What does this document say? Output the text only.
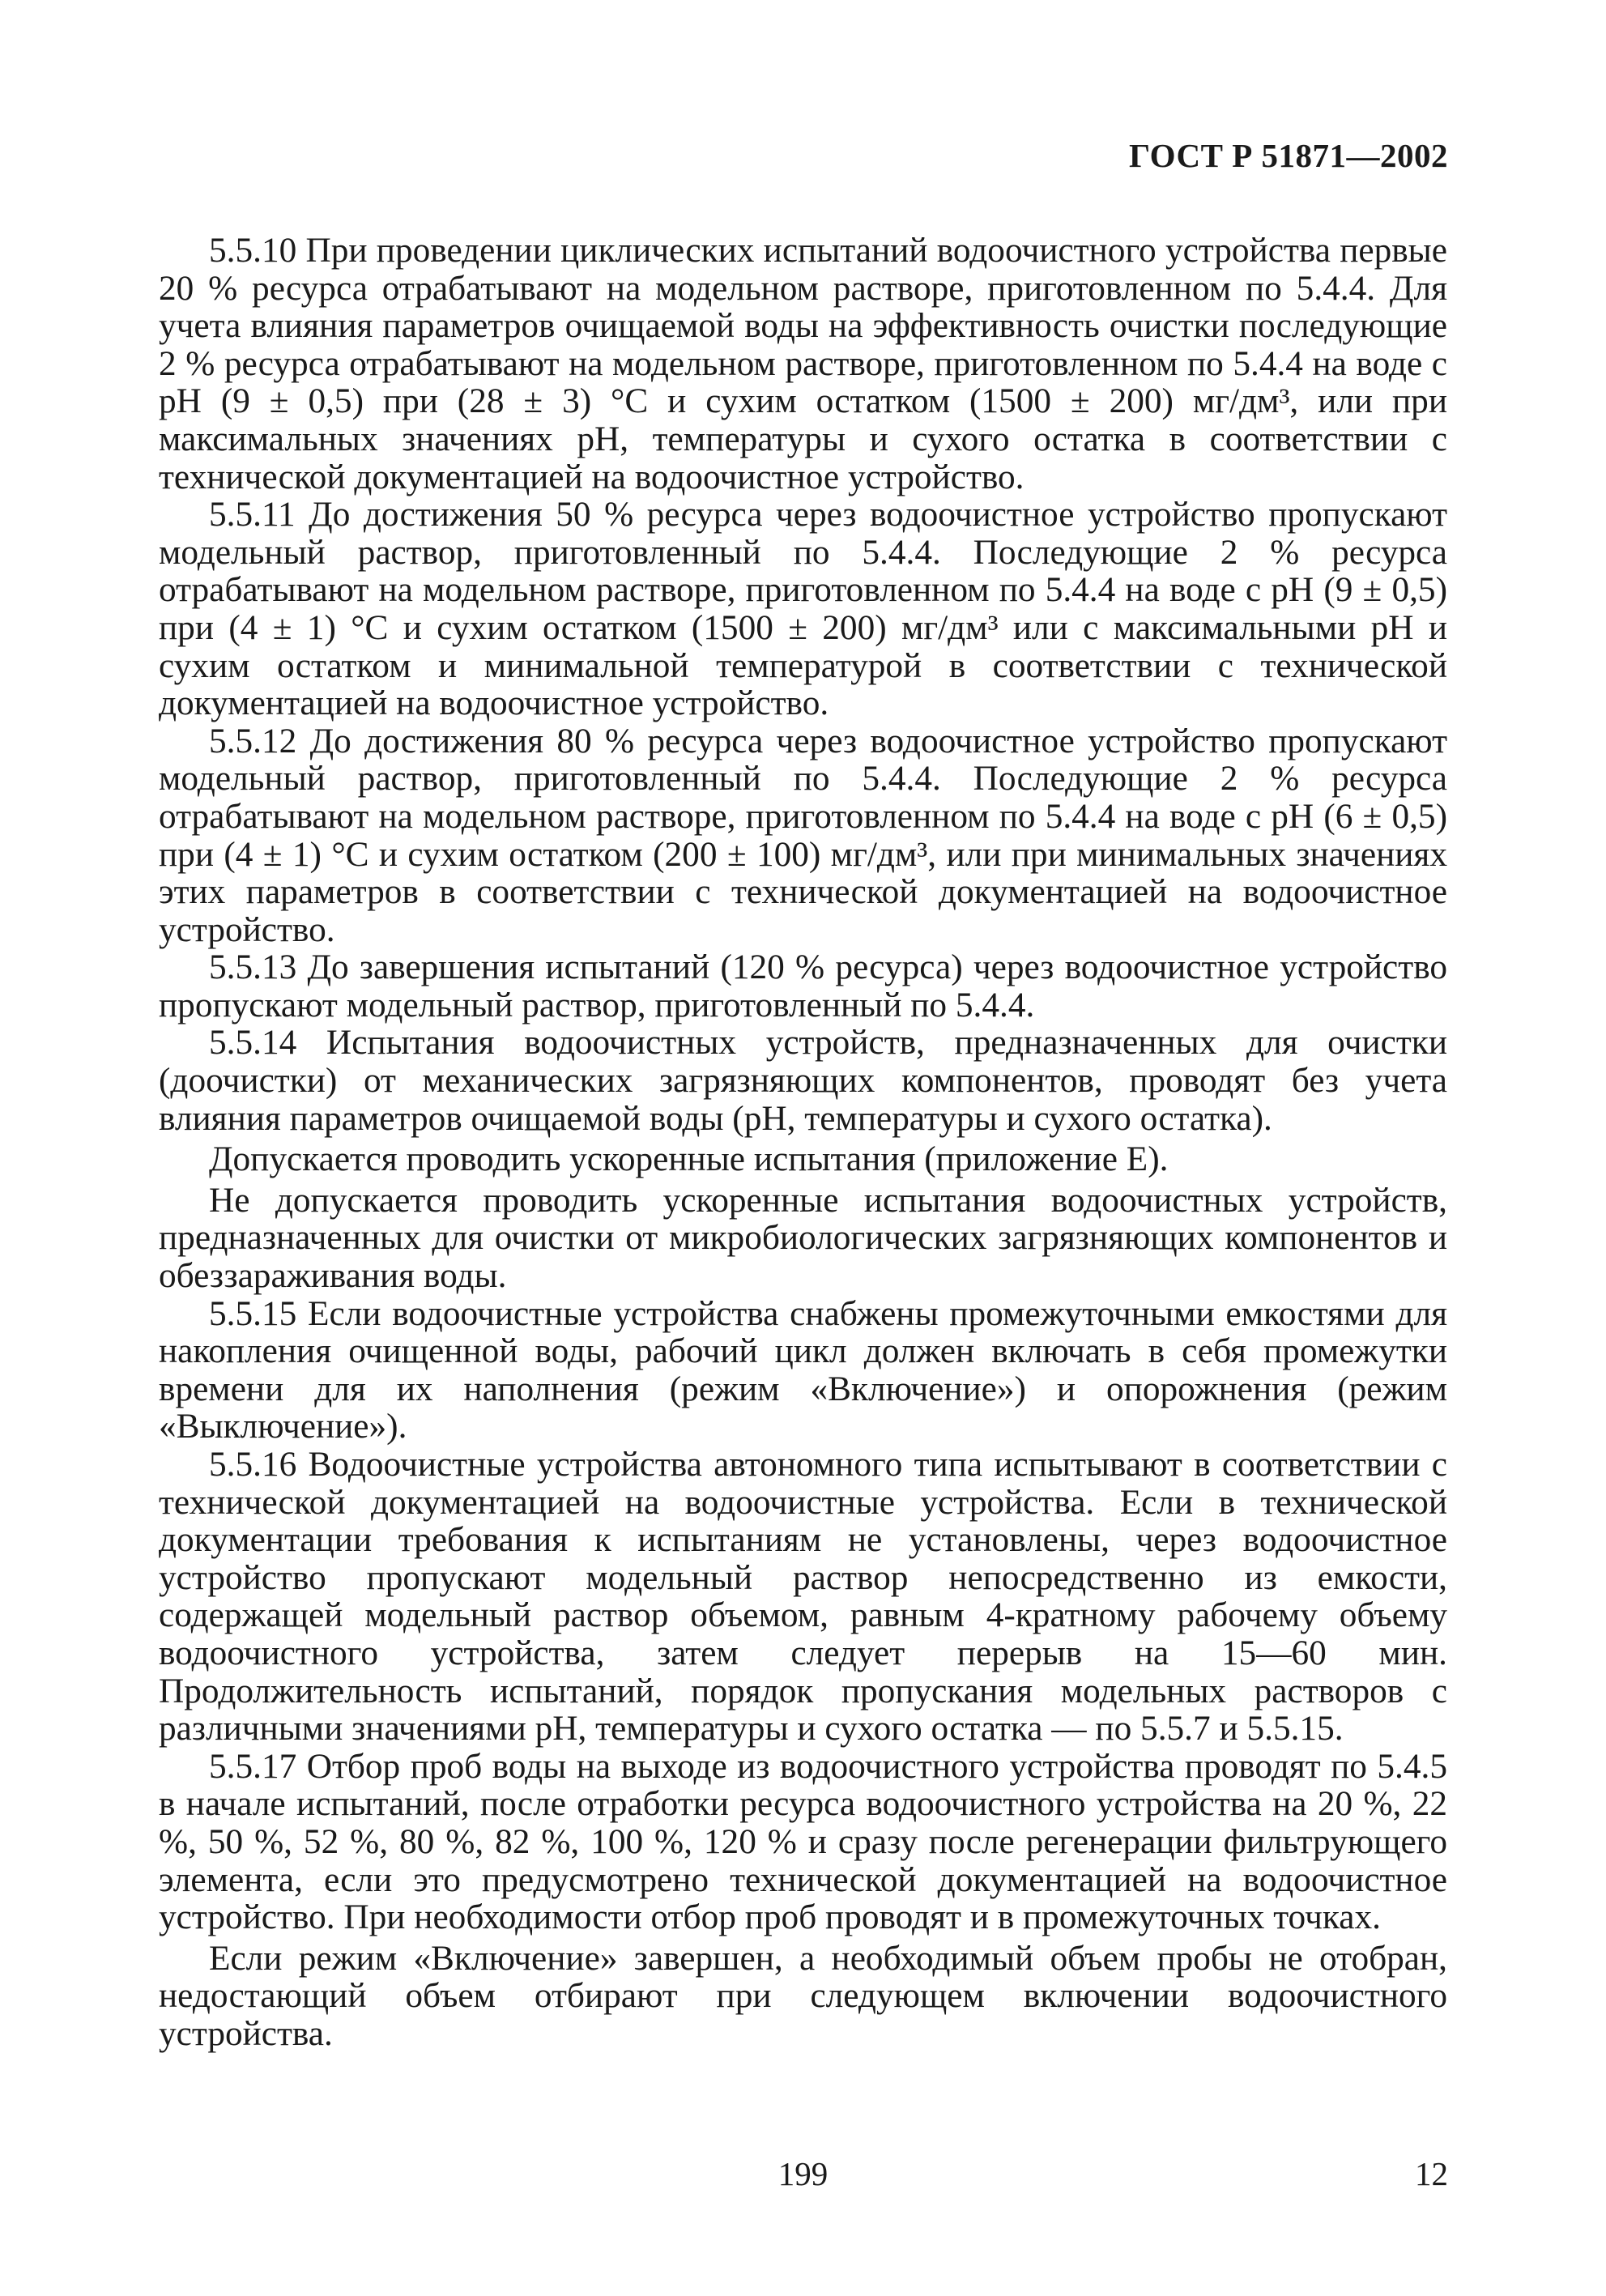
ГОСТ Р 51871—2002

5.5.10 При проведении циклических испытаний водоочистного устройства первые 20 % ресурса отрабатывают на модельном растворе, приготовленном по 5.4.4. Для учета влияния параметров очищаемой воды на эффективность очистки последующие 2 % ресурса отрабатывают на модельном растворе, приготовленном по 5.4.4 на воде с pH (9 ± 0,5) при (28 ± 3) °С и сухим остатком (1500 ± 200) мг/дм³, или при максимальных значениях pH, температуры и сухого остатка в соответствии с технической документацией на водоочистное устройство.

5.5.11 До достижения 50 % ресурса через водоочистное устройство пропускают модельный раствор, приготовленный по 5.4.4. Последующие 2 % ресурса отрабатывают на модельном растворе, приготовленном по 5.4.4 на воде с pH (9 ± 0,5) при (4 ± 1) °С и сухим остатком (1500 ± 200) мг/дм³ или с максимальными pH и сухим остатком и минимальной температурой в соответствии с технической документацией на водоочистное устройство.

5.5.12 До достижения 80 % ресурса через водоочистное устройство пропускают модельный раствор, приготовленный по 5.4.4. Последующие 2 % ресурса отрабатывают на модельном растворе, приготовленном по 5.4.4 на воде с pH (6 ± 0,5) при (4 ± 1) °С и сухим остатком (200 ± 100) мг/дм³, или при минимальных значениях этих параметров в соответствии с технической документацией на водоочистное устройство.

5.5.13 До завершения испытаний (120 % ресурса) через водоочистное устройство пропускают модельный раствор, приготовленный по 5.4.4.

5.5.14 Испытания водоочистных устройств, предназначенных для очистки (доочистки) от механических загрязняющих компонентов, проводят без учета влияния параметров очищаемой воды (pH, температуры и сухого остатка).

Допускается проводить ускоренные испытания (приложение Е).

Не допускается проводить ускоренные испытания водоочистных устройств, предназначенных для очистки от микробиологических загрязняющих компонентов и обеззараживания воды.

5.5.15 Если водоочистные устройства снабжены промежуточными емкостями для накопления очищенной воды, рабочий цикл должен включать в себя промежутки времени для их наполнения (режим «Включение») и опорожнения (режим «Выключение»).

5.5.16 Водоочистные устройства автономного типа испытывают в соответствии с технической документацией на водоочистные устройства. Если в технической документации требования к испытаниям не установлены, через водоочистное устройство пропускают модельный раствор непосредственно из емкости, содержащей модельный раствор объемом, равным 4-кратному рабочему объему водоочистного устройства, затем следует перерыв на 15—60 мин. Продолжительность испытаний, порядок пропускания модельных растворов с различными значениями pH, температуры и сухого остатка — по 5.5.7 и 5.5.15.

5.5.17 Отбор проб воды на выходе из водоочистного устройства проводят по 5.4.5 в начале испытаний, после отработки ресурса водоочистного устройства на 20 %, 22 %, 50 %, 52 %, 80 %, 82 %, 100 %, 120 % и сразу после регенерации фильтрующего элемента, если это предусмотрено технической документацией на водоочистное устройство. При необходимости отбор проб проводят и в промежуточных точках.

Если режим «Включение» завершен, а необходимый объем пробы не отобран, недостающий объем отбирают при следующем включении водоочистного устройства.

199	12
